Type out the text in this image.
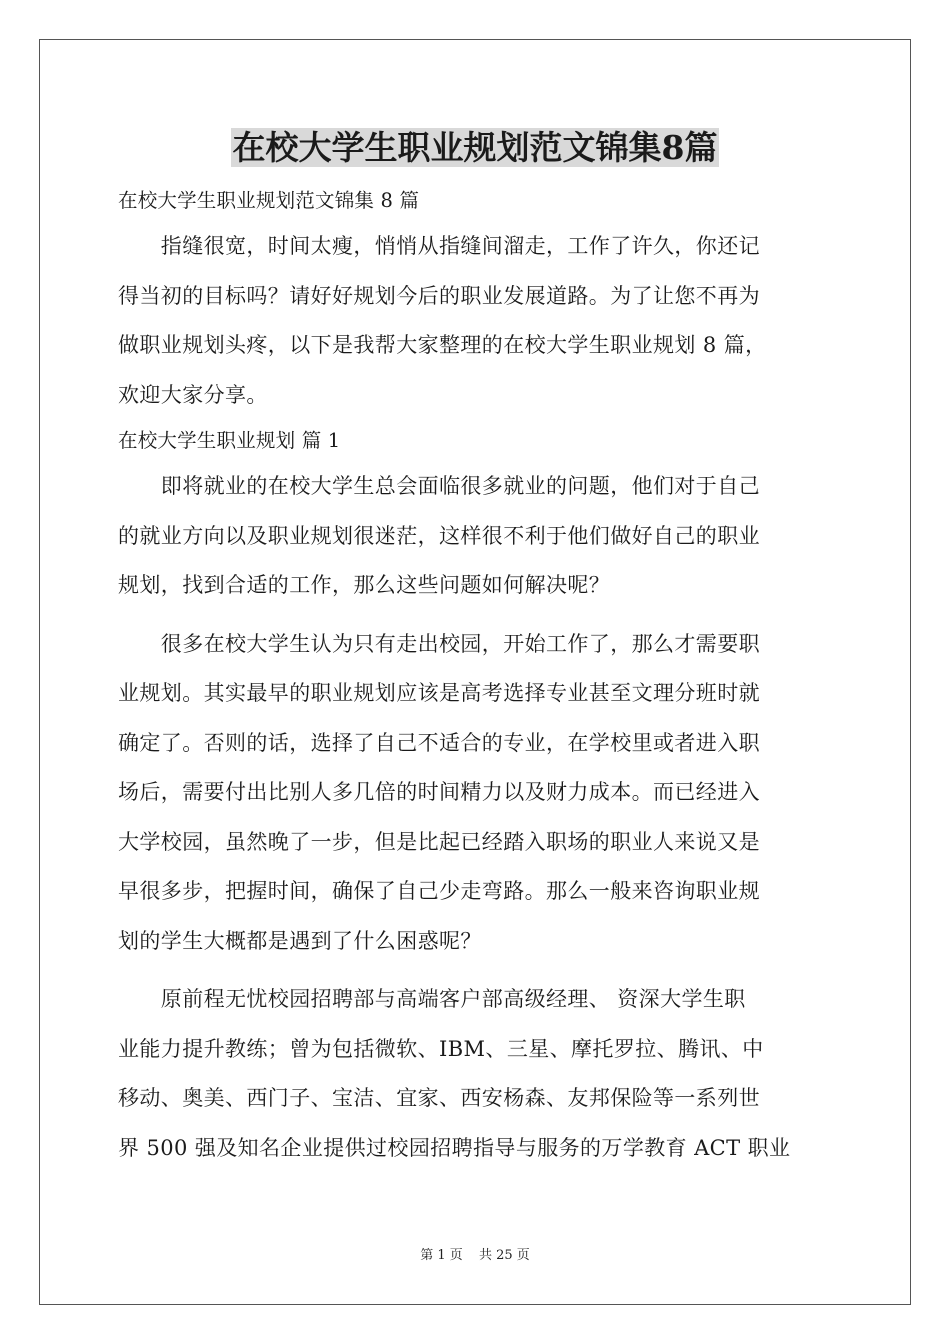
在校大学生职业规划范文锦集8篇
在校大学生职业规划范文锦集 8 篇
　　指缝很宽，时间太瘦，悄悄从指缝间溜走，工作了许久，你还记
得当初的目标吗？请好好规划今后的职业发展道路。为了让您不再为
做职业规划头疼，以下是我帮大家整理的在校大学生职业规划 8 篇，
欢迎大家分享。
在校大学生职业规划 篇 1
　　即将就业的在校大学生总会面临很多就业的问题，他们对于自己
的就业方向以及职业规划很迷茫，这样很不利于他们做好自己的职业
规划，找到合适的工作，那么这些问题如何解决呢？
　　很多在校大学生认为只有走出校园，开始工作了，那么才需要职
业规划。其实最早的职业规划应该是高考选择专业甚至文理分班时就
确定了。否则的话，选择了自己不适合的专业，在学校里或者进入职
场后，需要付出比别人多几倍的时间精力以及财力成本。而已经进入
大学校园，虽然晚了一步，但是比起已经踏入职场的职业人来说又是
早很多步，把握时间，确保了自己少走弯路。那么一般来咨询职业规
划的学生大概都是遇到了什么困惑呢？
　　原前程无忧校园招聘部与高端客户部高级经理、 资深大学生职
业能力提升教练；曾为包括微软、IBM、三星、摩托罗拉、腾讯、中
移动、奥美、西门子、宝洁、宜家、西安杨森、友邦保险等一系列世
界 500 强及知名企业提供过校园招聘指导与服务的万学教育 ACT 职业
第 1 页 共 25 页
